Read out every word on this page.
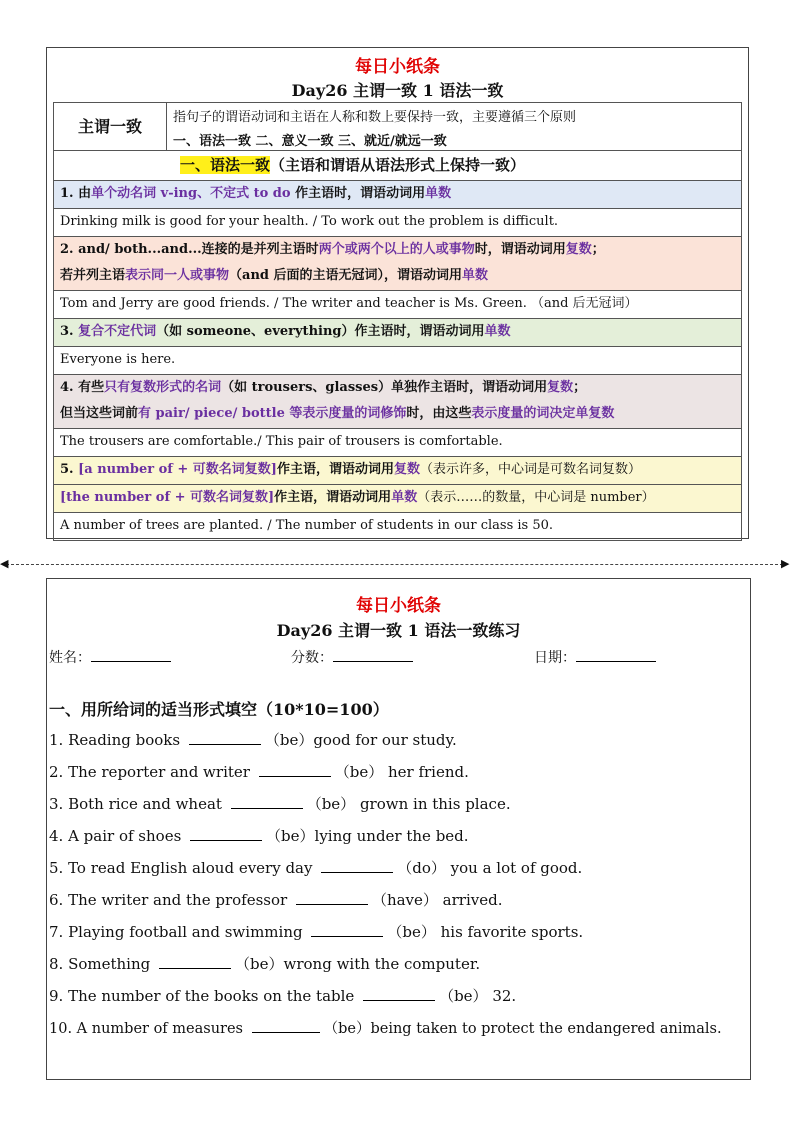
每日小纸条
Day26 主谓一致 1 语法一致
主谓一致	指句子的谓语动词和主语在人称和数上要保持一致，主要遵循三个原则
一、语法一致 二、意义一致 三、就近/就远一致
一、语法一致（主语和谓语从语法形式上保持一致）
1. 由单个动名词 v-ing、不定式 to do 作主语时，谓语动词用单数
Drinking milk is good for your health. / To work out the problem is difficult.
2. and/ both...and...连接的是并列主语时两个或两个以上的人或事物时，谓语动词用复数；
若并列主语表示同一人或事物（and 后面的主语无冠词），谓语动词用单数
Tom and Jerry are good friends. / The writer and teacher is Ms. Green. （and 后无冠词）
3. 复合不定代词（如 someone、everything）作主语时，谓语动词用单数
Everyone is here.
4. 有些只有复数形式的名词（如 trousers、glasses）单独作主语时，谓语动词用复数；
但当这些词前有 pair/ piece/ bottle 等表示度量的词修饰时，由这些表示度量的词决定单复数
The trousers are comfortable./ This pair of trousers is comfortable.
5. [a number of + 可数名词复数]作主语，谓语动词用复数（表示许多，中心词是可数名词复数）
[the number of + 可数名词复数]作主语，谓语动词用单数（表示……的数量，中心词是 number）
A number of trees are planted. / The number of students in our class is 50.
◀	▶
每日小纸条
Day26 主谓一致 1 语法一致练习
姓名：	分数：	日期：
一、用所给词的适当形式填空（10*10=100）
1. Reading books	（be）good for our study.
2. The reporter and writer	（be） her friend.
3. Both rice and wheat	（be） grown in this place.
4. A pair of shoes	（be）lying under the bed.
5. To read English aloud every day	（do） you a lot of good.
6. The writer and the professor	（have） arrived.
7. Playing football and swimming	（be） his favorite sports.
8. Something	（be）wrong with the computer.
9. The number of the books on the table	（be） 32.
10. A number of measures	（be）being taken to protect the endangered animals.
